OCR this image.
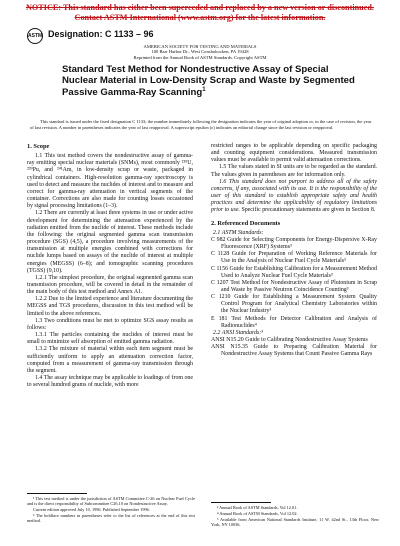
NOTICE: This standard has either been superceded and replaced by a new version or discontinued.
Contact ASTM International (www.astm.org) for the latest information.
ASTM Designation: C 1133 – 96
AMERICAN SOCIETY FOR TESTING AND MATERIALS
100 Barr Harbor Dr., West Conshohocken, PA 19428
Reprinted from the Annual Book of ASTM Standards. Copyright ASTM
Standard Test Method for Nondestructive Assay of Special Nuclear Material in Low-Density Scrap and Waste by Segmented Passive Gamma-Ray Scanning$^1$
This standard is issued under the fixed designation C 1133; the number immediately following the designation indicates the year of original adoption or, in the case of revision, the year of last revision. A number in parentheses indicates the year of last reapproval. A superscript epsilon (ε) indicates an editorial change since the last revision or reapproval.
1. Scope

1.1 This test method covers the nondestructive assay of gamma-ray emitting special nuclear materials (SNMs), most commonly ²³⁵U, ²³⁹Pu, and ²⁴¹Am, in low-density scrap or waste, packaged in cylindrical containers. High-resolution gamma-ray spectroscopy is used to detect and measure the nuclides of interest and to measure and correct for gamma-ray attenuation in vertical segments of the container. Corrections are also made for counting losses occasioned by signal processing limitations (1–3).

1.2 There are currently at least three systems in use or under active development for determining the attenuation experienced by the radiation emitted from the nuclide of interest. These methods include the following: the original segmented gamma scan transmission procedure (SGS) (4,5), a procedure involving measurements of the transmission at multiple energies combined with corrections for nuclide lumps based on assays of the nuclide of interest at multiple energies (MEGSS) (6–8); and tomographic scanning procedures (TGSS) (9,10).

1.2.1 The simplest procedure, the original segmented gamma scan transmission procedure, will be covered in detail in the remainder of the main body of this test method and Annex A1.

1.2.2 Due to the limited experience and literature documenting the MEGSS and TGS procedures, discussion in this test method will be limited to the above references.

1.3 Two conditions must be met to optimize SGS assay results as follows:

1.3.1 The particles containing the nuclides of interest must be small to minimize self absorption of emitted gamma radiation.

1.3.2 The mixture of material within each item segment must be sufficiently uniform to apply an attenuation correction factor, computed from a measurement of gamma-ray transmission through the segment.

1.4 The assay technique may be applicable to loadings of from one to several hundred grams of nuclide, with more

¹ This test method is under the jurisdiction of ASTM Committee C-26 on Nuclear Fuel Cycle and is the direct responsibility of Subcommittee C26.10 on Nondestructive Assay.

Current edition approved July 10, 1996. Published September 1996.

² The boldface numbers in parentheses refer to the list of references at the end of this test method.

restricted ranges to be applicable depending on specific packaging and counting equipment considerations. Measured transmission values must be available to permit valid attenuation corrections.

1.5 The values stated in SI units are to be regarded as the standard. The values given in parentheses are for information only.

1.6 This standard does not purport to address all of the safety concerns, if any, associated with its use. It is the responsibility of the user of this standard to establish appropriate safety and health practices and determine the applicability of regulatory limitations prior to use. Specific precautionary statements are given in Section 8.

2. Referenced Documents

2.1 ASTM Standards:

C 982 Guide for Selecting Components for Energy-Dispersive X-Ray Fluorescence (XRF) Systems³

C 1128 Guide for Preparation of Working Reference Materials for Use in the Analysis of Nuclear Fuel Cycle Materials³

C 1156 Guide for Establishing Calibration for a Measurement Method Used to Analyze Nuclear Fuel Cycle Materials³

C 1207 Test Method for Nondestructive Assay of Plutonium in Scrap and Waste by Passive Neutron Coincidence Counting³

C 1210 Guide for Establishing a Measurement System Quality Control Program for Analytical Chemistry Laboratories within the Nuclear Industry³

E 181 Test Methods for Detector Calibration and Analysis of Radionuclides⁴

2.2 ANSI Standards:⁵

ANSI N15.20 Guide to Calibrating Nondestructive Assay Systems

ANSI N15.35 Guide to Preparing Calibration Material for Nondestructive Assay Systems that Count Passive Gamma Rays

³ Annual Book of ASTM Standards, Vol 12.01.

⁴ Annual Book of ASTM Standards, Vol 12.02.

⁵ Available from American National Standards Institute, 11 W. 42nd St., 13th Floor, New York, NY 10036.
